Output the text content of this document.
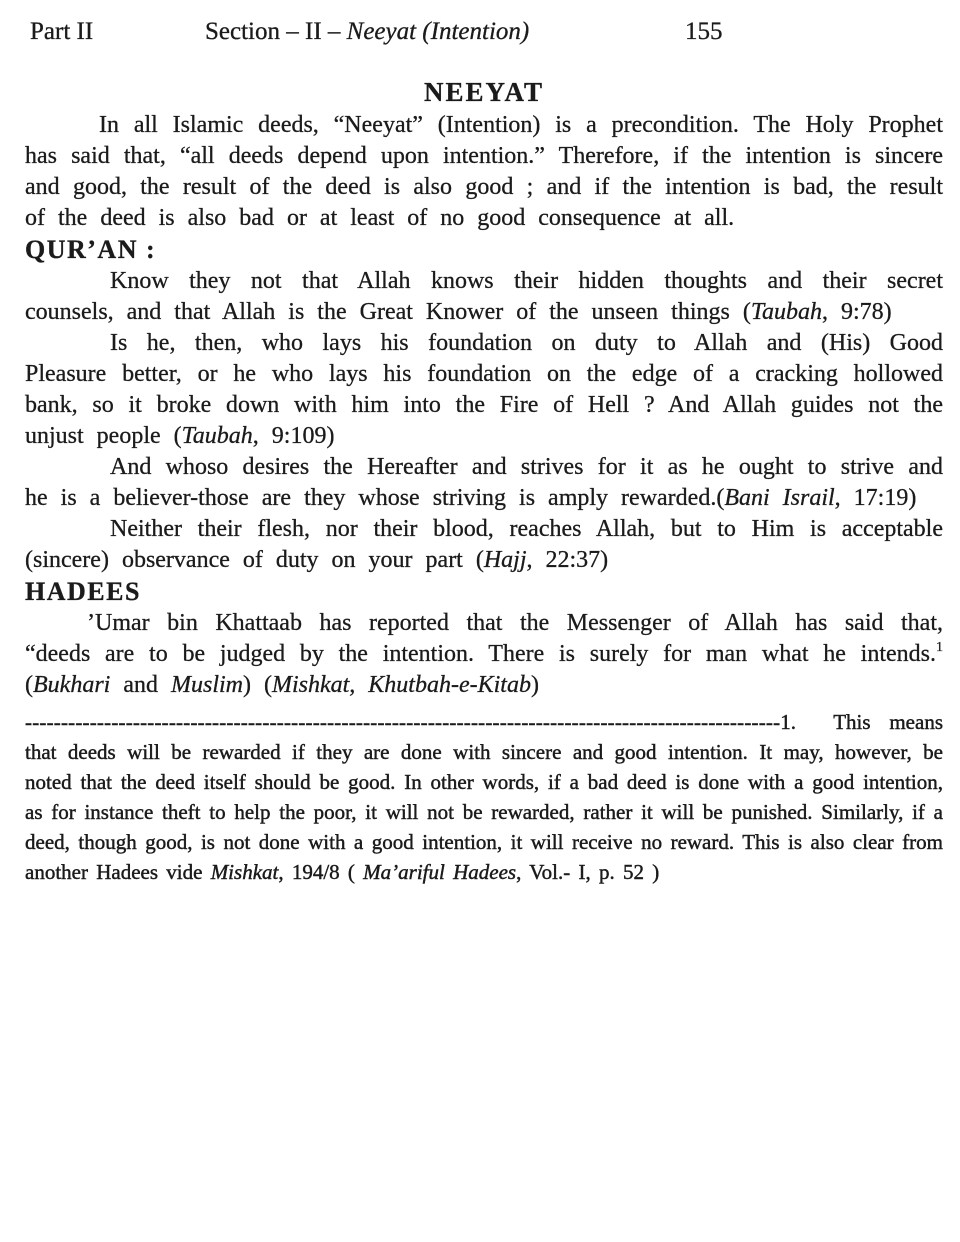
Part II	Section – II – Neeyat (Intention)	155
NEEYAT

In all Islamic deeds, “Neeyat” (Intention) is a precondition. The Holy Prophet has said that, “all deeds depend upon intention.” Therefore, if the intention is sincere and good, the result of the deed is also good ; and if the intention is bad, the result of the deed is also bad or at least of no good consequence at all.

QUR’AN :

Know they not that Allah knows their hidden thoughts and their secret counsels, and that Allah is the Great Knower of the unseen things (Taubah, 9:78)

Is he, then, who lays his foundation on duty to Allah and (His) Good Pleasure better, or he who lays his foundation on the edge of a cracking hollowed bank, so it broke down with him into the Fire of Hell ? And Allah guides not the unjust people (Taubah, 9:109)

And whoso desires the Hereafter and strives for it as he ought to strive and he is a believer-those are they whose striving is amply rewarded.(Bani Israil, 17:19)

Neither their flesh, nor their blood, reaches Allah, but to Him is acceptable (sincere) observance of duty on your part (Hajj, 22:37)

HADEES

’Umar bin Khattaab has reported that the Messenger of Allah has said that, “deeds are to be judged by the intention. There is surely for man what he intends.$^1$ (Bukhari and Muslim) (Mishkat, Khutbah-e-Kitab)

---------------------------------------------------------------------------------------------------------1.  This means that deeds will be rewarded if they are done with sincere and good intention. It may, however, be noted that the deed itself should be good. In other words, if a bad deed is done with a good intention, as for instance theft to help the poor, it will not be rewarded, rather it will be punished. Similarly, if a deed, though good, is not done with a good intention, it will receive no reward. This is also clear from another Hadees vide Mishkat, 194/8 ( Ma’ariful Hadees, Vol.- I, p. 52 )
